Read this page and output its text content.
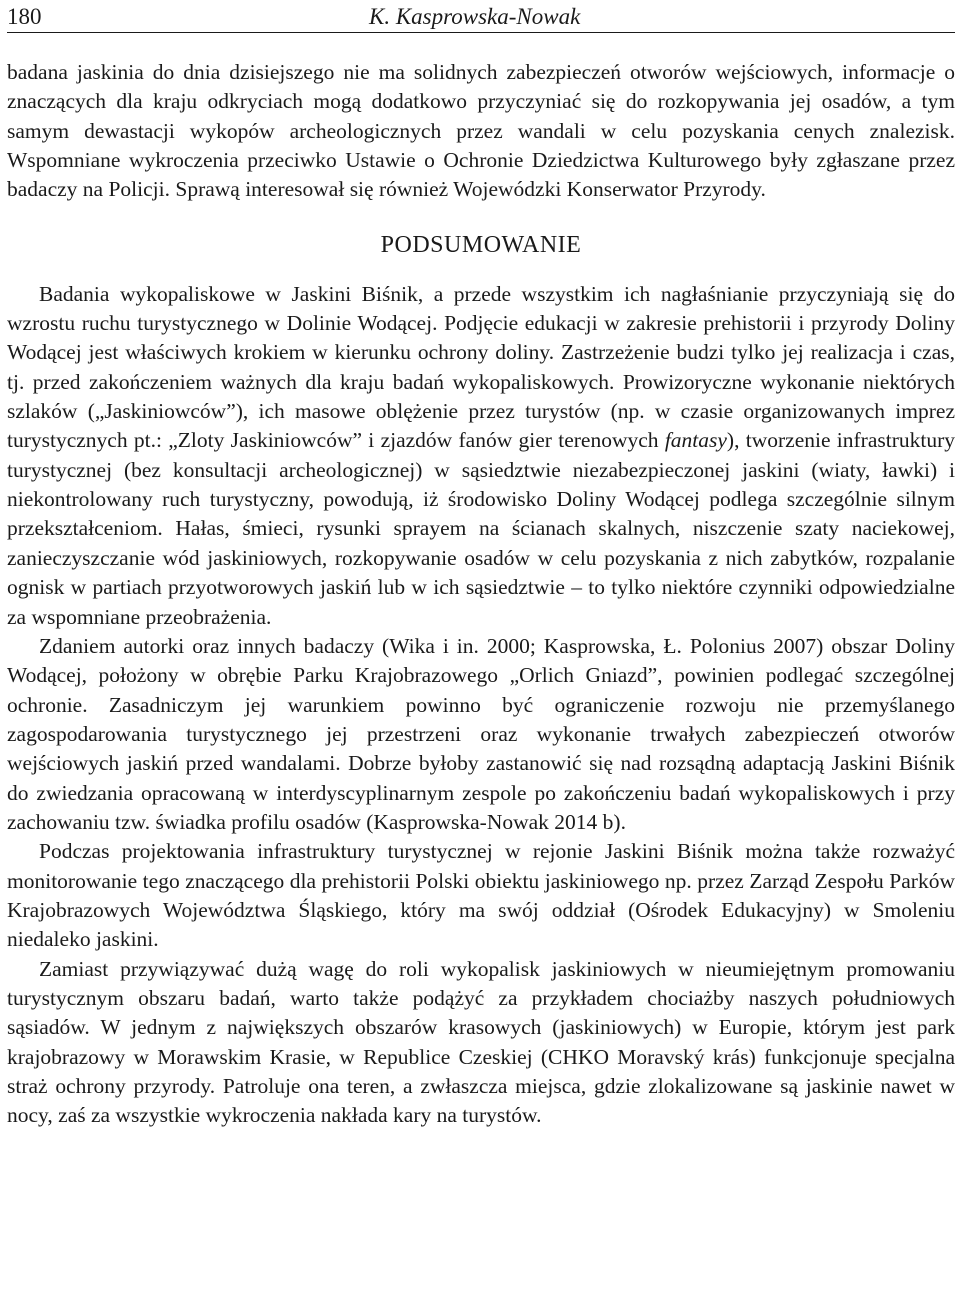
180	K. Kasprowska-Nowak

badana jaskinia do dnia dzisiejszego nie ma solidnych zabezpieczeń otworów wejściowych, informacje o znaczących dla kraju odkryciach mogą dodatkowo przyczyniać się do rozkopywania jej osadów, a tym samym dewastacji wykopów archeologicznych przez wandali w celu pozyskania cenych znalezisk. Wspomniane wykroczenia przeciwko Ustawie o Ochronie Dziedzictwa Kulturowego były zgłaszane przez badaczy na Policji. Sprawą interesował się również Wojewódzki Konserwator Przyrody.

PODSUMOWANIE

Badania wykopaliskowe w Jaskini Biśnik, a przede wszystkim ich nagłaśnianie przyczyniają się do wzrostu ruchu turystycznego w Dolinie Wodącej. Podjęcie edukacji w zakresie prehistorii i przyrody Doliny Wodącej jest właściwych krokiem w kierunku ochrony doliny. Zastrzeżenie budzi tylko jej realizacja i czas, tj. przed zakończeniem ważnych dla kraju badań wykopaliskowych. Prowizoryczne wykonanie niektórych szlaków („Jaskiniowców”), ich masowe oblężenie przez turystów (np. w czasie organizowanych imprez turystycznych pt.: „Zloty Jaskiniowców” i zjazdów fanów gier terenowych fantasy), tworzenie infrastruktury turystycznej (bez konsultacji archeologicznej) w sąsiedztwie niezabezpieczonej jaskini (wiaty, ławki) i niekontrolowany ruch turystyczny, powodują, iż środowisko Doliny Wodącej podlega szczególnie silnym przekształceniom. Hałas, śmieci, rysunki sprayem na ścianach skalnych, niszczenie szaty naciekowej, zanieczyszczanie wód jaskiniowych, rozkopywanie osadów w celu pozyskania z nich zabytków, rozpalanie ognisk w partiach przyotworowych jaskiń lub w ich sąsiedztwie – to tylko niektóre czynniki odpowiedzialne za wspomniane przeobrażenia.

Zdaniem autorki oraz innych badaczy (Wika i in. 2000; Kasprowska, Ł. Polonius 2007) obszar Doliny Wodącej, położony w obrębie Parku Krajobrazowego „Orlich Gniazd”, powinien podlegać szczególnej ochronie. Zasadniczym jej warunkiem powinno być ograniczenie rozwoju nie przemyślanego zagospodarowania turystycznego jej przestrzeni oraz wykonanie trwałych zabezpieczeń otworów wejściowych jaskiń przed wandalami. Dobrze byłoby zastanowić się nad rozsądną adaptacją Jaskini Biśnik do zwiedzania opracowaną w interdyscyplinarnym zespole po zakończeniu badań wykopaliskowych i przy zachowaniu tzw. świadka profilu osadów (Kasprowska-Nowak 2014 b).

Podczas projektowania infrastruktury turystycznej w rejonie Jaskini Biśnik można także rozważyć monitorowanie tego znaczącego dla prehistorii Polski obiektu jaskiniowego np. przez Zarząd Zespołu Parków Krajobrazowych Województwa Śląskiego, który ma swój oddział (Ośrodek Edukacyjny) w Smoleniu niedaleko jaskini.

Zamiast przywiązywać dużą wagę do roli wykopalisk jaskiniowych w nieumiejętnym promowaniu turystycznym obszaru badań, warto także podążyć za przykładem chociażby naszych południowych sąsiadów. W jednym z największych obszarów krasowych (jaskiniowych) w Europie, którym jest park krajobrazowy w Morawskim Krasie, w Republice Czeskiej (CHKO Moravský krás) funkcjonuje specjalna straż ochrony przyrody. Patroluje ona teren, a zwłaszcza miejsca, gdzie zlokalizowane są jaskinie nawet w nocy, zaś za wszystkie wykroczenia nakłada kary na turystów.
